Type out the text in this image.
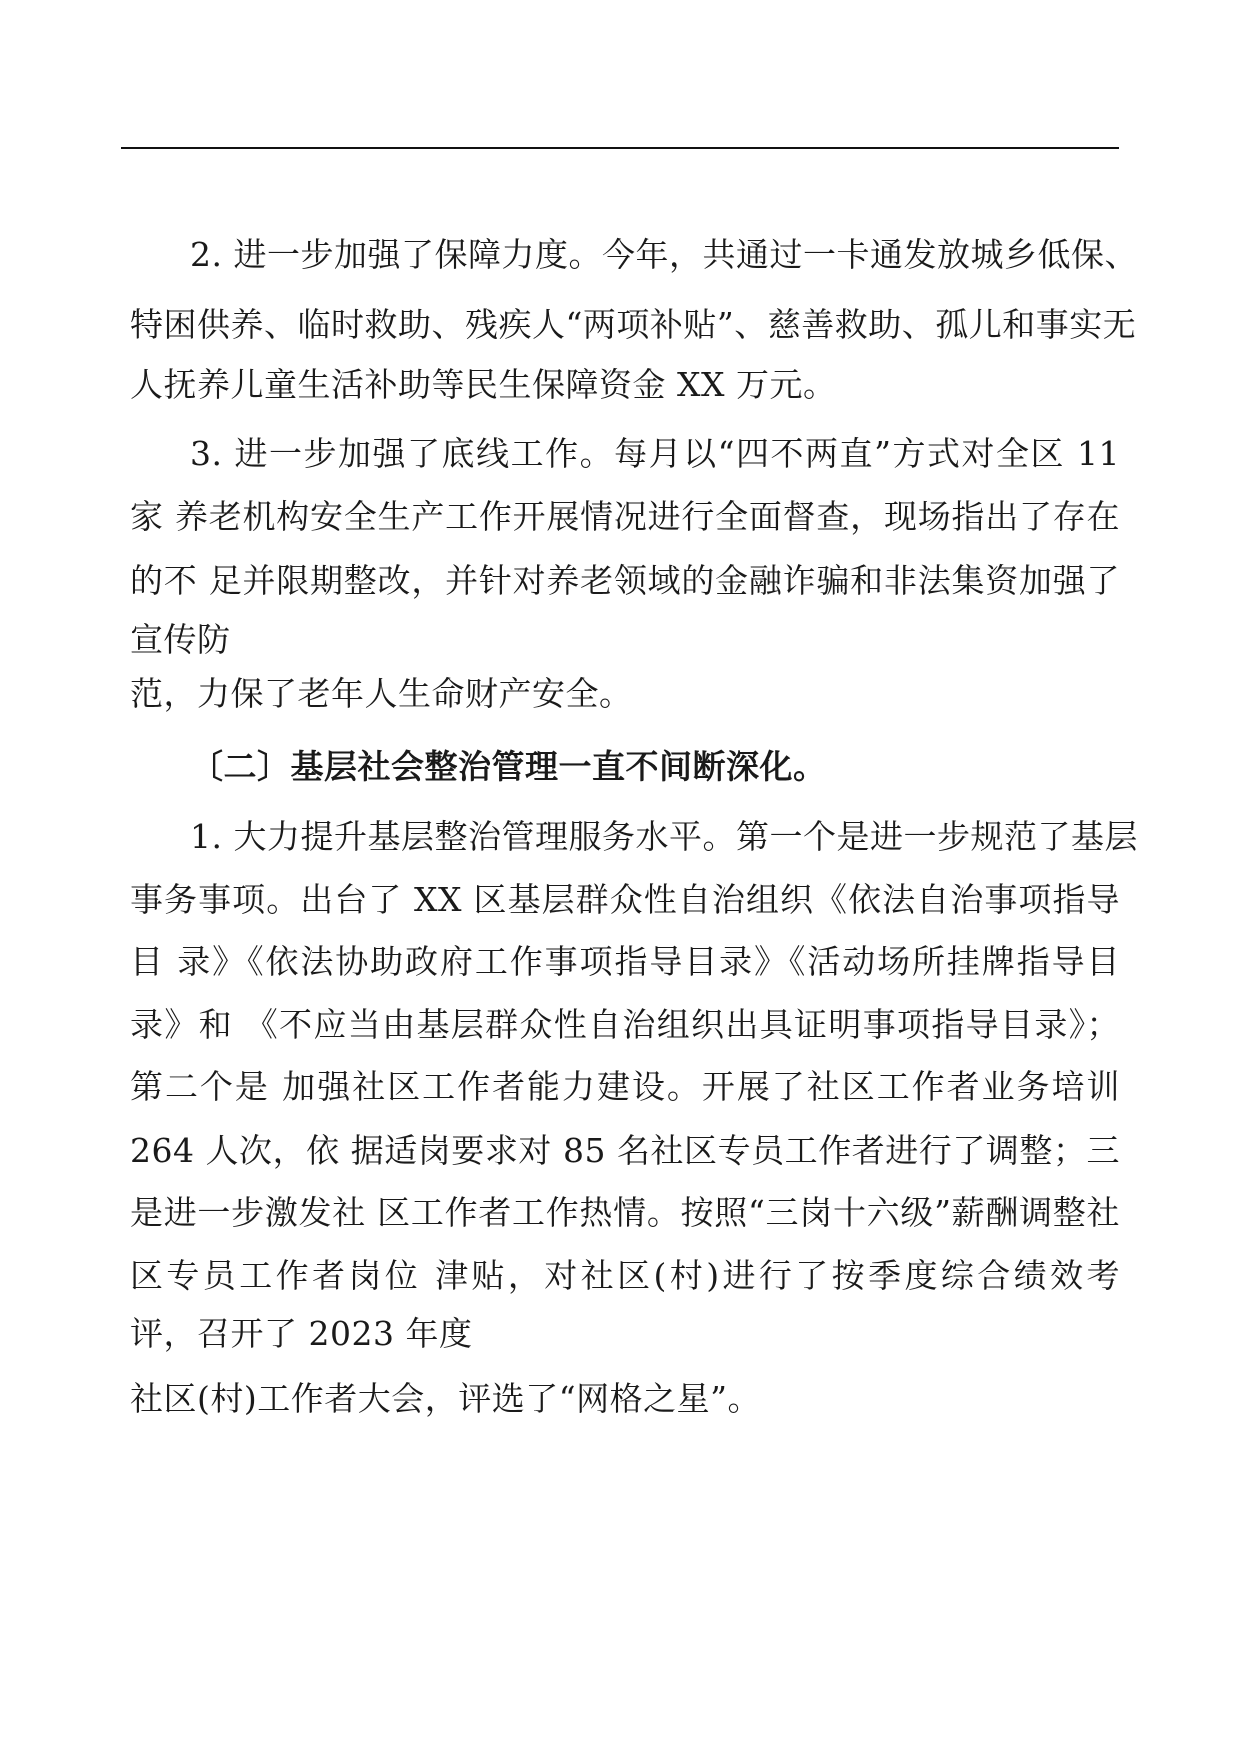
2. 进一步加强了保障力度。今年，共通过一卡通发放城乡低保、
特困供养、临时救助、残疾人“两项补贴”、慈善救助、孤儿和事实无
人抚养儿童生活补助等民生保障资金 XX 万元。
3. 进一步加强了底线工作。每月以“四不两直”方式对全区 11
家 养老机构安全生产工作开展情况进行全面督查，现场指出了存在
的不 足并限期整改，并针对养老领域的金融诈骗和非法集资加强了
宣传防
范，力保了老年人生命财产安全。
〔二〕基层社会整治管理一直不间断深化。
1. 大力提升基层整治管理服务水平。第一个是进一步规范了基层
事务事项。出台了 XX 区基层群众性自治组织《依法自治事项指导
目 录》《依法协助政府工作事项指导目录》《活动场所挂牌指导目
录》和 《不应当由基层群众性自治组织出具证明事项指导目录》；
第二个是 加强社区工作者能力建设。开展了社区工作者业务培训
264 人次，依 据适岗要求对 85 名社区专员工作者进行了调整；三
是进一步激发社 区工作者工作热情。按照“三岗十六级”薪酬调整社
区专员工作者岗位 津贴，对社区(村)进行了按季度综合绩效考
评，召开了 2023 年度
社区(村)工作者大会，评选了“网格之星”。
